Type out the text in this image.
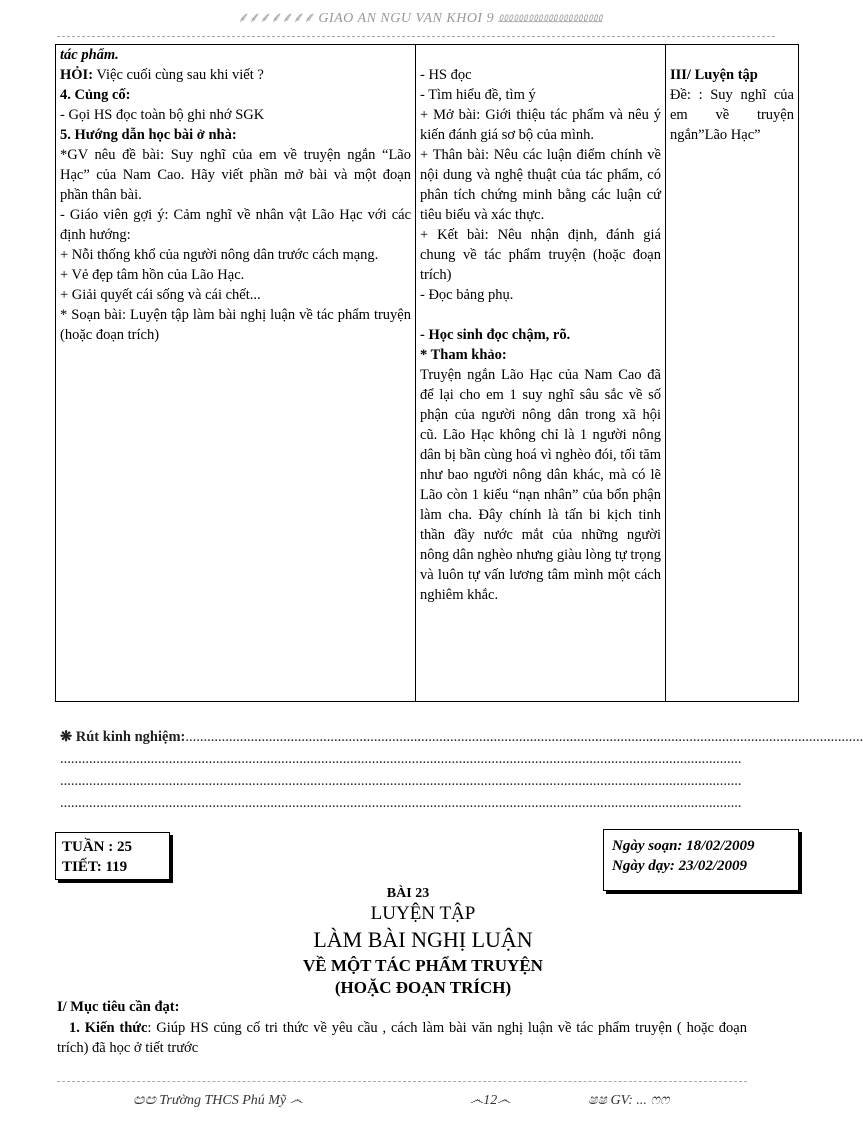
⸙⸙⸙⸙⸙⸙⸙ GIAO AN NGU VAN KHOI 9 ⅏⅏⅏⅏⅏⅏⅏
tác phẩm.
HỎI: Việc cuối cùng sau khi viết ?
4. Củng cố:
- Gọi HS đọc toàn bộ ghi nhớ SGK
5. Hướng dẫn học bài ở nhà:
*GV nêu đề bài: Suy nghĩ của em về truyện ngắn “Lão Hạc” của Nam Cao. Hãy viết phần mở bài và một đoạn phần thân bài.
- Giáo viên gợi ý: Cảm nghĩ về nhân vật Lão Hạc với các định hướng:
+ Nỗi thống khổ của người nông dân trước cách mạng.
+ Vẻ đẹp tâm hồn của Lão Hạc.
+ Giải quyết cái sống và cái chết...
* Soạn bài: Luyện tập làm bài nghị luận về tác phẩm truyện (hoặc đoạn trích)

- HS đọc
- Tìm hiểu đề, tìm ý
+ Mở bài: Giới thiệu tác phẩm và nêu ý kiến đánh giá sơ bộ của mình.
+ Thân bài: Nêu các luận điểm chính về nội dung và nghệ thuật của tác phẩm, có phân tích chứng minh bằng các luận cứ tiêu biểu và xác thực.
+ Kết bài: Nêu nhận định, đánh giá chung về tác phẩm truyện (hoặc đoạn trích)
- Đọc bảng phụ.
- Học sinh đọc chậm, rõ.
* Tham khảo:
Truyện ngắn Lão Hạc của Nam Cao đã để lại cho em 1 suy nghĩ sâu sắc về số phận của người nông dân trong xã hội cũ. Lão Hạc không chỉ là 1 người nông dân bị bần cùng hoá vì nghèo đói, tối tăm như bao người nông dân khác, mà có lẽ Lão còn 1 kiểu “nạn nhân” của bổn phận làm cha. Đây chính là tấn bi kịch tinh thần đầy nước mắt của những người nông dân nghèo nhưng giàu lòng tự trọng và luôn tự vấn lương tâm mình một cách nghiêm khắc.

III/ Luyện tập
Đề: : Suy nghĩ của em về truyện ngắn”Lão Hạc”
❋ Rút kinh nghiệm:...........................................................................................................................................................................................
............................................................................................................................................................................................
............................................................................................................................................................................................
............................................................................................................................................................................................
TUẦN : 25
TIẾT: 119
Ngày soạn: 18/02/2009
Ngày dạy: 23/02/2009
BÀI 23
LUYỆN TẬP
LÀM BÀI NGHỊ LUẬN
VỀ MỘT TÁC PHẨM TRUYỆN
(HOẶC ĐOẠN TRÍCH)
I/ Mục tiêu cần đạt:
1. Kiến thức: Giúp HS củng cố tri thức về yêu cầu , cách làm bài văn nghị luận về tác phẩm truyện ( hoặc đoạn trích) đã học ở tiết trước
ඏඏ Trường THCS Phú Mỹ ෴	෴12෴	ෂෂ GV: ... ෆෆ
